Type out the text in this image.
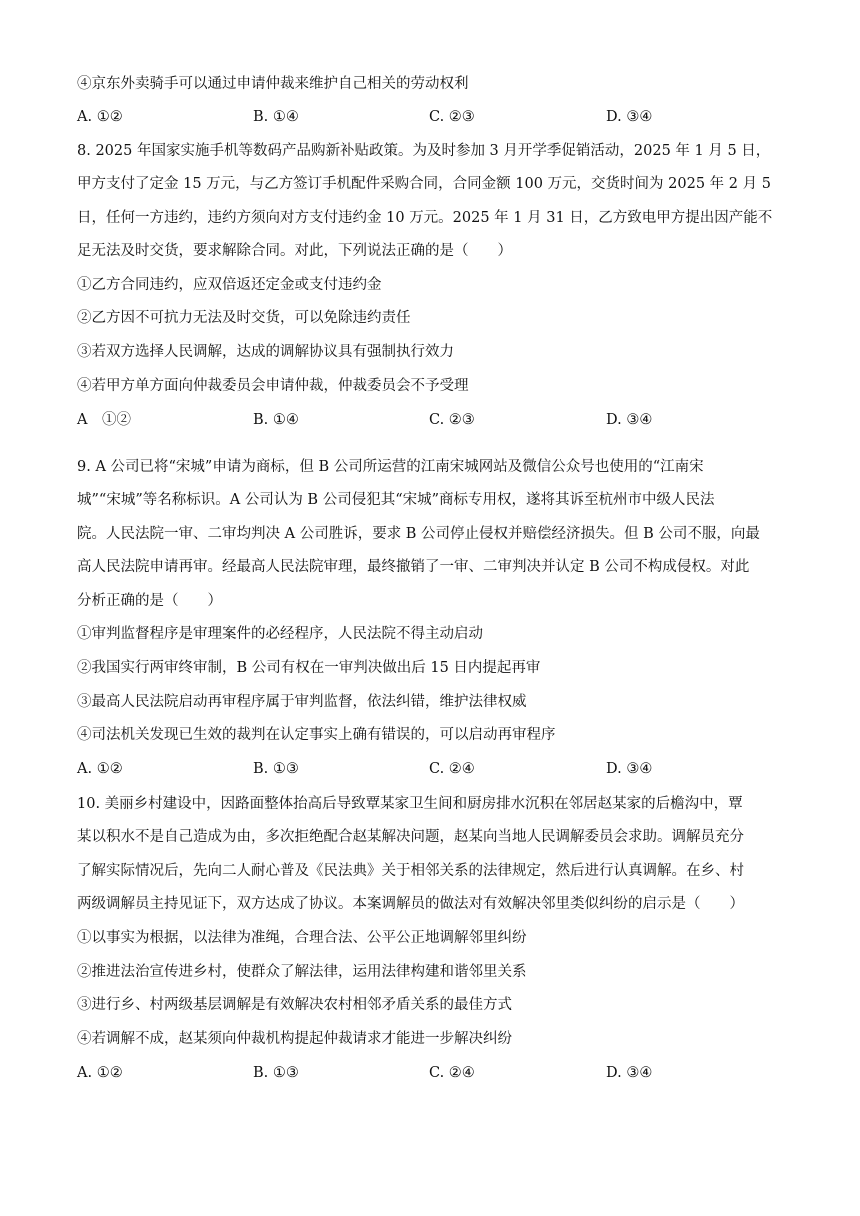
④京东外卖骑手可以通过申请仲裁来维护自己相关的劳动权利
A. ①②	B. ①④	C. ②③	D. ③④
8. 2025 年国家实施手机等数码产品购新补贴政策。为及时参加 3 月开学季促销活动，2025 年 1 月 5 日，
甲方支付了定金 15 万元，与乙方签订手机配件采购合同，合同金额 100 万元，交货时间为 2025 年 2 月 5
日，任何一方违约，违约方须向对方支付违约金 10 万元。2025 年 1 月 31 日，乙方致电甲方提出因产能不
足无法及时交货，要求解除合同。对此，下列说法正确的是（　　）
①乙方合同违约，应双倍返还定金或支付违约金
②乙方因不可抗力无法及时交货，可以免除违约责任
③若双方选择人民调解，达成的调解协议具有强制执行效力
④若甲方单方面向仲裁委员会申请仲裁，仲裁委员会不予受理
A　①②	B. ①④	C. ②③	D. ③④
9. A 公司已将“宋城”申请为商标，但 B 公司所运营的江南宋城网站及微信公众号也使用的“江南宋
城”“宋城”等名称标识。A 公司认为 B 公司侵犯其“宋城”商标专用权，遂将其诉至杭州市中级人民法
院。人民法院一审、二审均判决 A 公司胜诉，要求 B 公司停止侵权并赔偿经济损失。但 B 公司不服，向最
高人民法院申请再审。经最高人民法院审理，最终撤销了一审、二审判决并认定 B 公司不构成侵权。对此
分析正确的是（　　）
①审判监督程序是审理案件的必经程序，人民法院不得主动启动
②我国实行两审终审制，B 公司有权在一审判决做出后 15 日内提起再审
③最高人民法院启动再审程序属于审判监督，依法纠错，维护法律权威
④司法机关发现已生效的裁判在认定事实上确有错误的，可以启动再审程序
A. ①②	B. ①③	C. ②④	D. ③④
10. 美丽乡村建设中，因路面整体抬高后导致覃某家卫生间和厨房排水沉积在邻居赵某家的后檐沟中，覃
某以积水不是自己造成为由，多次拒绝配合赵某解决问题，赵某向当地人民调解委员会求助。调解员充分
了解实际情况后，先向二人耐心普及《民法典》关于相邻关系的法律规定，然后进行认真调解。在乡、村
两级调解员主持见证下，双方达成了协议。本案调解员的做法对有效解决邻里类似纠纷的启示是（　　）
①以事实为根据，以法律为准绳，合理合法、公平公正地调解邻里纠纷
②推进法治宣传进乡村，使群众了解法律，运用法律构建和谐邻里关系
③进行乡、村两级基层调解是有效解决农村相邻矛盾关系的最佳方式
④若调解不成，赵某须向仲裁机构提起仲裁请求才能进一步解决纠纷
A. ①②	B. ①③	C. ②④	D. ③④
